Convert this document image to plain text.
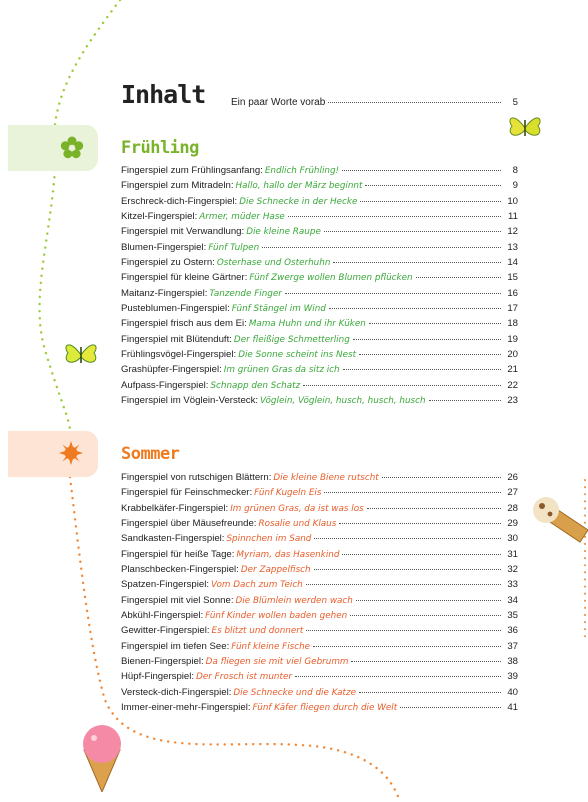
Inhalt	Ein paar Worte vorab	5
Frühling
Fingerspiel zum Frühlingsanfang: Endlich Frühling!	8
Fingerspiel zum Mitradeln: Hallo, hallo der März beginnt	9
Erschreck-dich-Fingerspiel: Die Schnecke in der Hecke	10
Kitzel-Fingerspiel: Armer, müder Hase	11
Fingerspiel mit Verwandlung: Die kleine Raupe	12
Blumen-Fingerspiel: Fünf Tulpen	13
Fingerspiel zu Ostern: Osterhase und Osterhuhn	14
Fingerspiel für kleine Gärtner: Fünf Zwerge wollen Blumen pflücken	15
Maitanz-Fingerspiel: Tanzende Finger	16
Pusteblumen-Fingerspiel: Fünf Stängel im Wind	17
Fingerspiel frisch aus dem Ei: Mama Huhn und ihr Küken	18
Fingerspiel mit Blütenduft: Der fleißige Schmetterling	19
Frühlingsvögel-Fingerspiel: Die Sonne scheint ins Nest	20
Grashüpfer-Fingerspiel: Im grünen Gras da sitz ich	21
Aufpass-Fingerspiel: Schnapp den Schatz	22
Fingerspiel im Vöglein-Versteck: Vöglein, Vöglein, husch, husch, husch	23
Sommer
Fingerspiel von rutschigen Blättern: Die kleine Biene rutscht	26
Fingerspiel für Feinschmecker: Fünf Kugeln Eis	27
Krabbelkäfer-Fingerspiel: Im grünen Gras, da ist was los	28
Fingerspiel über Mäusefreunde: Rosalie und Klaus	29
Sandkasten-Fingerspiel: Spinnchen im Sand	30
Fingerspiel für heiße Tage: Myriam, das Hasenkind	31
Planschbecken-Fingerspiel: Der Zappelfisch	32
Spatzen-Fingerspiel: Vom Dach zum Teich	33
Fingerspiel mit viel Sonne: Die Blümlein werden wach	34
Abkühl-Fingerspiel: Fünf Kinder wollen baden gehen	35
Gewitter-Fingerspiel: Es blitzt und donnert	36
Fingerspiel im tiefen See: Fünf kleine Fische	37
Bienen-Fingerspiel: Da fliegen sie mit viel Gebrumm	38
Hüpf-Fingerspiel: Der Frosch ist munter	39
Versteck-dich-Fingerspiel: Die Schnecke und die Katze	40
Immer-einer-mehr-Fingerspiel: Fünf Käfer fliegen durch die Welt	41
